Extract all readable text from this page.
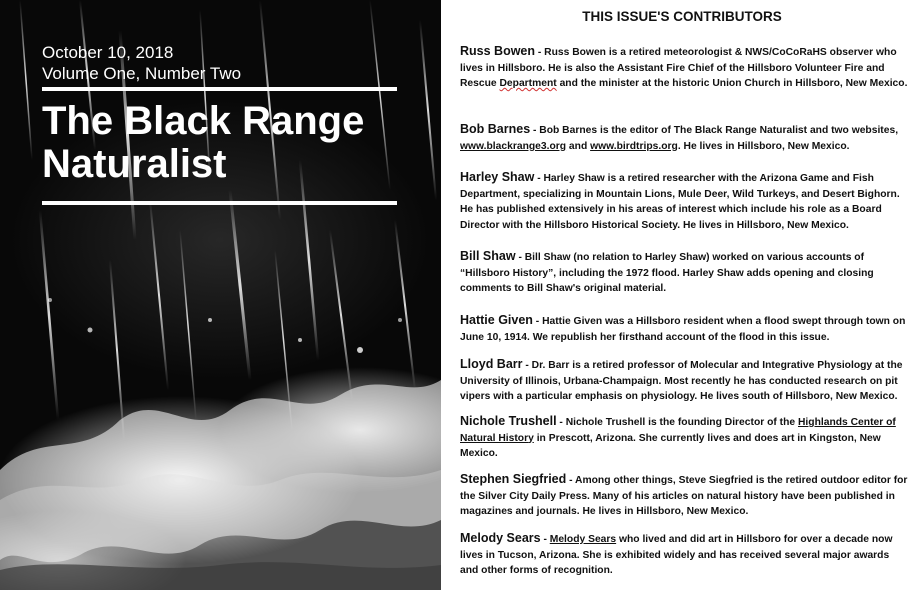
October 10, 2018

Volume One, Number Two

The Black Range
Naturalist
THIS ISSUE'S CONTRIBUTORS

Russ Bowen - Russ Bowen is a retired meteorologist & NWS/CoCoRaHS observer who lives in Hillsboro. He is also the Assistant Fire Chief of the Hillsboro Volunteer Fire and Rescue Department and the minister at the historic Union Church in Hillsboro, New Mexico.

Bob Barnes - Bob Barnes is the editor of The Black Range Naturalist and two websites, www.blackrange3.org and www.birdtrips.org. He lives in Hillsboro, New Mexico.

Harley Shaw - Harley Shaw is a retired researcher with the Arizona Game and Fish Department, specializing in Mountain Lions, Mule Deer, Wild Turkeys, and Desert Bighorn. He has published extensively in his areas of interest which include his role as a Board Director with the Hillsboro Historical Society. He lives in Hillsboro, New Mexico.

Bill Shaw - Bill Shaw (no relation to Harley Shaw) worked on various accounts of “Hillsboro History”, including the 1972 flood. Harley Shaw adds opening and closing comments to Bill Shaw's original material.

Hattie Given - Hattie Given was a Hillsboro resident when a flood swept through town on June 10, 1914. We republish her firsthand account of the flood in this issue.

Lloyd Barr - Dr. Barr is a retired professor of Molecular and Integrative Physiology at the University of Illinois, Urbana-Champaign. Most recently he has conducted research on pit vipers with a particular emphasis on physiology. He lives south of Hillsboro, New Mexico.

Nichole Trushell - Nichole Trushell is the founding Director of the Highlands Center of Natural History in Prescott, Arizona. She currently lives and does art in Kingston, New Mexico.

Stephen Siegfried - Among other things, Steve Siegfried is the retired outdoor editor for the Silver City Daily Press. Many of his articles on natural history have been published in magazines and journals. He lives in Hillsboro, New Mexico.

Melody Sears - Melody Sears who lived and did art in Hillsboro for over a decade now lives in Tucson, Arizona. She is exhibited widely and has received several major awards and other forms of recognition.
